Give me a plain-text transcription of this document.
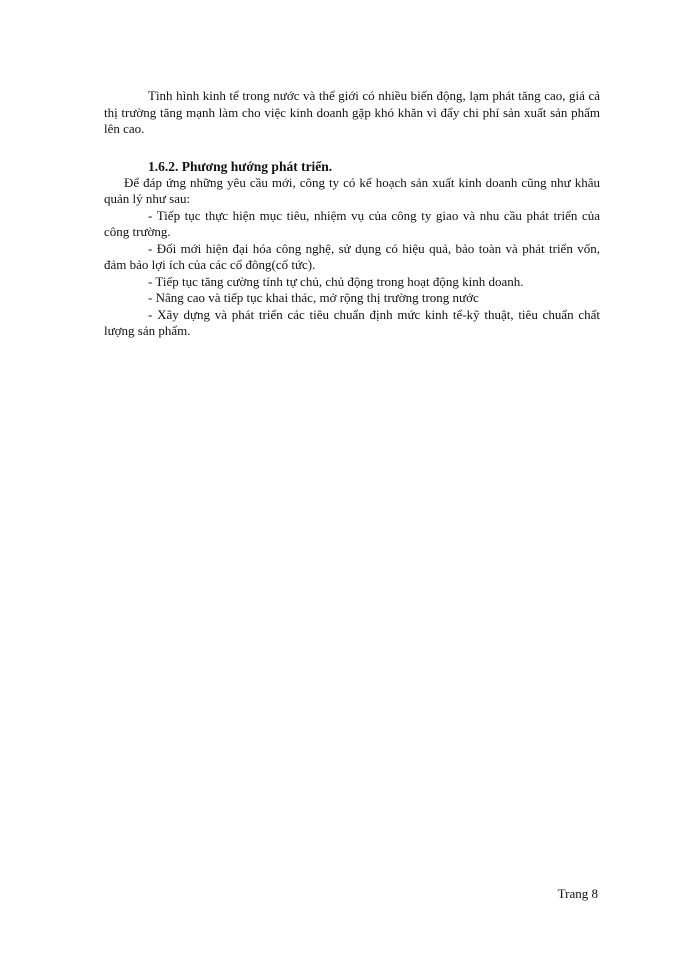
Tình hình kinh tế trong nước và thế giới có nhiều biến động, lạm phát tăng cao, giá cả thị trường tăng mạnh làm cho việc kinh doanh gặp khó khăn vì đẩy chi phí sản xuất sản phẩm lên cao.

1.6.2. Phương hướng phát triển.

Để đáp ứng những yêu cầu mới, công ty có kế hoạch sản xuất kinh doanh cũng như khâu quản lý như sau:

- Tiếp tục thực hiện mục tiêu, nhiệm vụ của công ty giao và nhu cầu phát triển của công trường.

- Đổi mới hiện đại hóa công nghệ, sử dụng có hiệu quả, bảo toàn và phát triển vốn, đảm bảo lợi ích của các cổ đông(cổ tức).

- Tiếp tục tăng cường tính tự chủ, chủ động trong hoạt động kinh doanh.

- Nâng cao và tiếp tục khai thác, mở rộng thị trường trong nước

- Xây dựng và phát triển các tiêu chuẩn định mức kinh tế-kỹ thuật, tiêu chuẩn chất lượng sản phẩm.

Trang 8
